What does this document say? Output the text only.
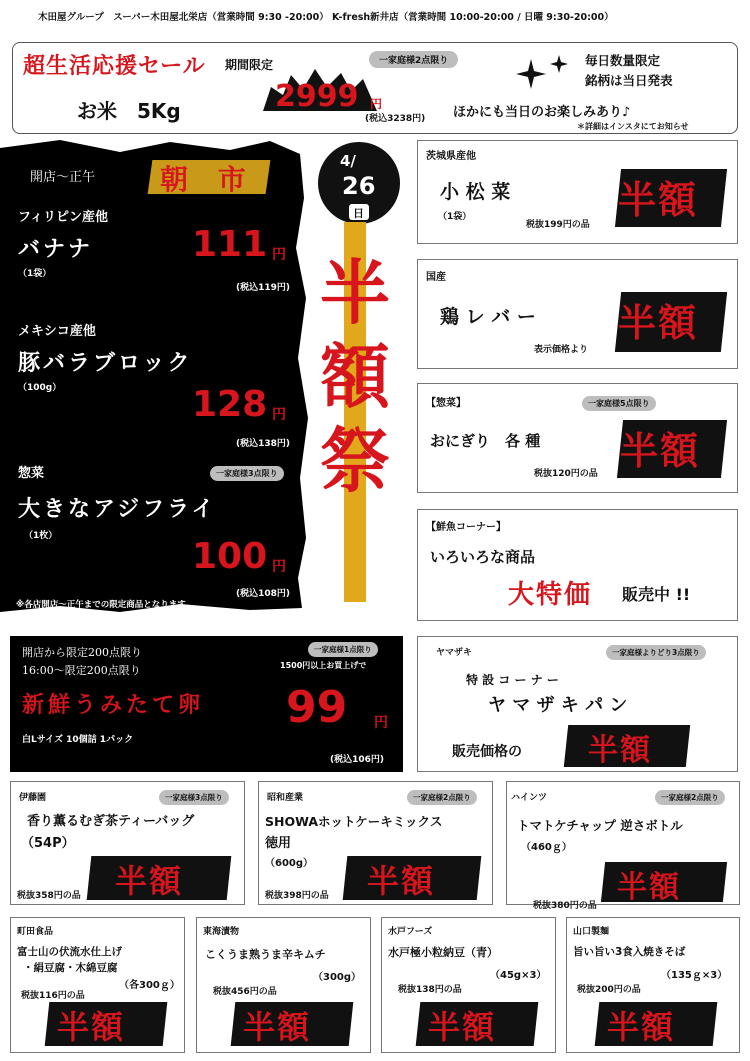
木田屋グループ　スーパー木田屋北栄店（営業時間 9:30 -20:00） K-fresh新井店（営業時間 10:00-20:00 / 日曜 9:30-20:00）
超生活応援セール 期間限定
お米　5Kg
一家庭様2点限り
2999 円
(税込3238円)
毎日数量限定
銘柄は当日発表
ほかにも当日のお楽しみあり♪
＊詳細はインスタにてお知らせ
開店～正午 朝 市
フィリピン産他
バナナ
（1袋）
111 円
(税込119円)
メキシコ産他
豚バラブロック
（100g）	128 円
(税込138円)
惣菜	一家庭様3点限り
大きなアジフライ
（1枚）	100 円
(税込108円)
※各店開店～正午までの限定商品となります
4/
26
日
半
額
祭
茨城県産他
小 松 菜
（1袋）
税抜199円の品
半額
国産
鶏 レ バ ー
表示価格より
半額
【惣菜】	一家庭様5点限り
おにぎり　各 種
税抜120円の品
半額
【鮮魚コーナー】
いろいろな商品
大特価 販売中 !!
開店から限定200点限り
16:00～限定200点限り
一家庭様1点限り
1500円以上お買上げで
新鮮うみたて卵
白Lサイズ 10個詰 1パック
99 円
(税込106円)
ヤマザキ	一家庭様よりどり3点限り
特 設 コ ー ナ ー
ヤ マ ザ キ パ ン
販売価格の 半額
伊藤園	一家庭様3点限り
香り薫るむぎ茶ティーバッグ
（54P）
税抜358円の品 半額
昭和産業	一家庭様2点限り
SHOWAホットケーキミックス
徳用
（600g）
税抜398円の品 半額
ハインツ	一家庭様2点限り
トマトケチャップ 逆さボトル
（460ｇ）
税抜380円の品
半額
町田食品
富士山の伏流水仕上げ
・絹豆腐・木綿豆腐
（各300ｇ）
税抜116円の品
半額
東海漬物
こくうま熟うま辛キムチ
（300g）
税抜456円の品
半額
水戸フーズ
水戸極小粒納豆（青）
（45g×3）
税抜138円の品
半額
山口製麺
旨い旨い3食入焼きそば
（135ｇ×3）
税抜200円の品
半額
